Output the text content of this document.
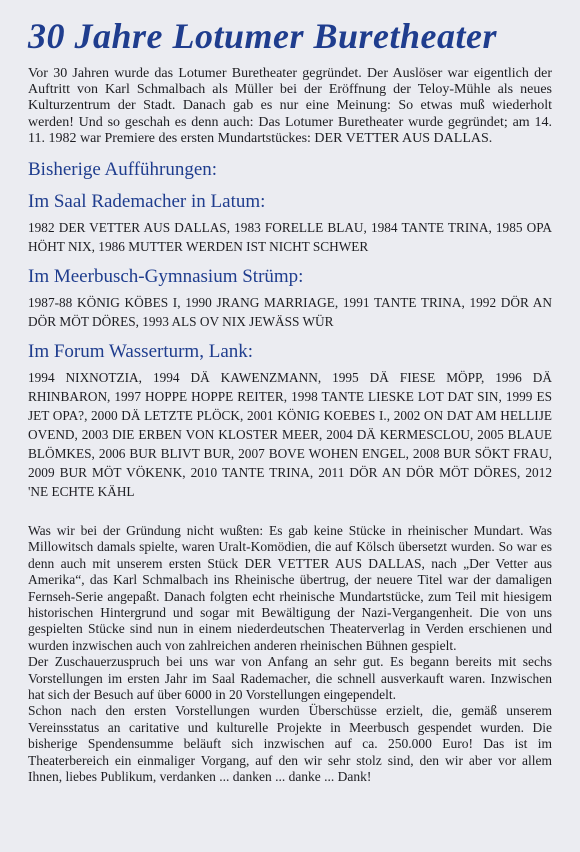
30 Jahre Lotumer Buretheater

Vor 30 Jahren wurde das Lotumer Buretheater gegründet. Der Auslöser war eigentlich der Auftritt von Karl Schmalbach als Müller bei der Eröffnung der Teloy-Mühle als neues Kulturzentrum der Stadt. Danach gab es nur eine Meinung: So etwas muß wiederholt werden! Und so geschah es denn auch: Das Lotumer Buretheater wurde gegründet; am 14. 11. 1982 war Premiere des ersten Mundartstückes: DER VETTER AUS DALLAS.

Bisherige Aufführungen:
Im Saal Rademacher in Latum:

1982 DER VETTER AUS DALLAS, 1983 FORELLE BLAU, 1984 TANTE TRINA, 1985 OPA HÖHT NIX, 1986 MUTTER WERDEN IST NICHT SCHWER

Im Meerbusch-Gymnasium Strümp:

1987-88 KÖNIG KÖBES I, 1990 JRANG MARRIAGE, 1991 TANTE TRINA, 1992 DÖR AN DÖR MÖT DÖRES, 1993 ALS OV NIX JEWÄSS WÜR

Im Forum Wasserturm, Lank:

1994 NIXNOTZIA, 1994 DÄ KAWENZMANN, 1995 DÄ FIESE MÖPP, 1996 DÄ RHINBARON, 1997 HOPPE HOPPE REITER, 1998 TANTE LIESKE LOT DAT SIN, 1999 ES JET OPA?, 2000 DÄ LETZTE PLÖCK, 2001 KÖNIG KOEBES I., 2002 ON DAT AM HELLIJE OVEND, 2003 DIE ERBEN VON KLOSTER MEER, 2004 DÄ KERMESCLOU, 2005 BLAUE BLÖMKES, 2006 BUR BLIVT BUR, 2007 BOVE WOHEN ENGEL, 2008 BUR SÖKT FRAU, 2009 BUR MÖT VÖKENK, 2010 TANTE TRINA, 2011 DÖR AN DÖR MÖT DÖRES, 2012 'NE ECHTE KÄHL

Was wir bei der Gründung nicht wußten: Es gab keine Stücke in rheinischer Mundart. Was Millowitsch damals spielte, waren Uralt-Komödien, die auf Kölsch übersetzt wurden. So war es denn auch mit unserem ersten Stück DER VETTER AUS DALLAS, nach „Der Vetter aus Amerika“, das Karl Schmalbach ins Rheinische übertrug, der neuere Titel war der damaligen Fernseh-Serie angepaßt. Danach folgten echt rheinische Mundartstücke, zum Teil mit hiesigem historischen Hintergrund und sogar mit Bewältigung der Nazi-Vergangenheit. Die von uns gespielten Stücke sind nun in einem niederdeutschen Theaterverlag in Verden erschienen und wurden inzwischen auch von zahlreichen anderen rheinischen Bühnen gespielt.

Der Zuschauerzuspruch bei uns war von Anfang an sehr gut. Es begann bereits mit sechs Vorstellungen im ersten Jahr im Saal Rademacher, die schnell ausverkauft waren. Inzwischen hat sich der Besuch auf über 6000 in 20 Vorstellungen eingependelt.

Schon nach den ersten Vorstellungen wurden Überschüsse erzielt, die, gemäß unserem Vereinsstatus an caritative und kulturelle Projekte in Meerbusch gespendet wurden. Die bisherige Spendensumme beläuft sich inzwischen auf ca. 250.000 Euro! Das ist im Theaterbereich ein einmaliger Vorgang, auf den wir sehr stolz sind, den wir aber vor allem Ihnen, liebes Publikum, verdanken ... danken ... danke ... Dank!
